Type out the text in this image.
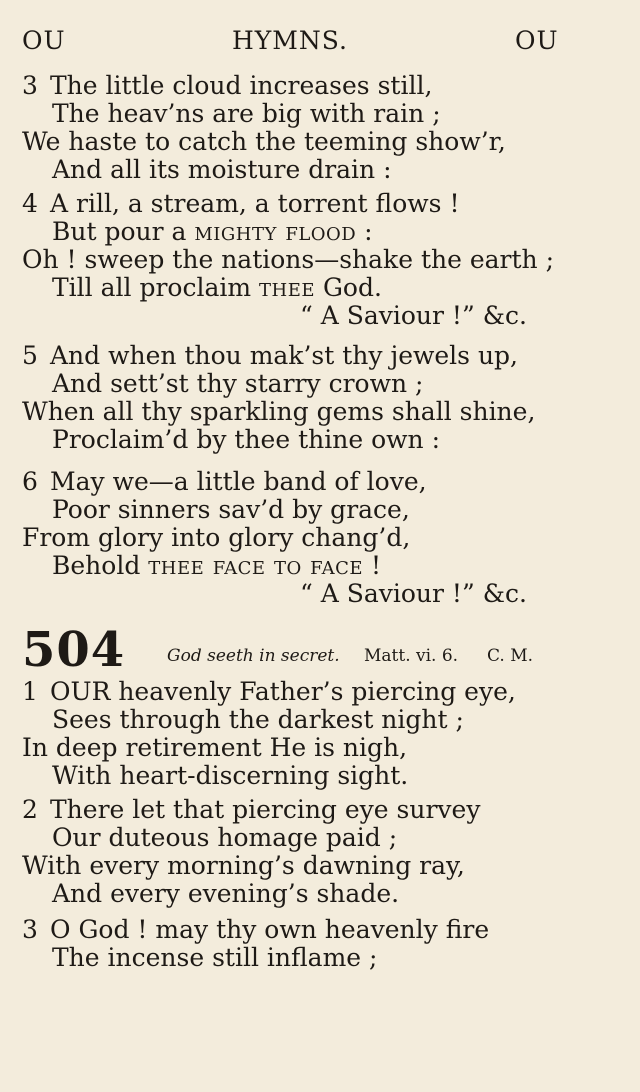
OU	HYMNS.	OU
3 The little cloud increases still,
The heav’ns are big with rain ;
We haste to catch the teeming show’r,
And all its moisture drain :
4 A rill, a stream, a torrent flows !
But pour a mighty flood :
Oh ! sweep the nations—shake the earth ;
Till all proclaim thee God.
“ A Saviour !” &c.
5 And when thou mak’st thy jewels up,
And sett’st thy starry crown ;
When all thy sparkling gems shall shine,
Proclaim’d by thee thine own :
6 May we—a little band of love,
Poor sinners sav’d by grace,
From glory into glory chang’d,
Behold thee face to face !
“ A Saviour !” &c.
504 God seeth in secret. Matt. vi. 6. C. M.
1 OUR heavenly Father’s piercing eye,
Sees through the darkest night ;
In deep retirement He is nigh,
With heart-discerning sight.
2 There let that piercing eye survey
Our duteous homage paid ;
With every morning’s dawning ray,
And every evening’s shade.
3 O God ! may thy own heavenly fire
The incense still inflame ;
